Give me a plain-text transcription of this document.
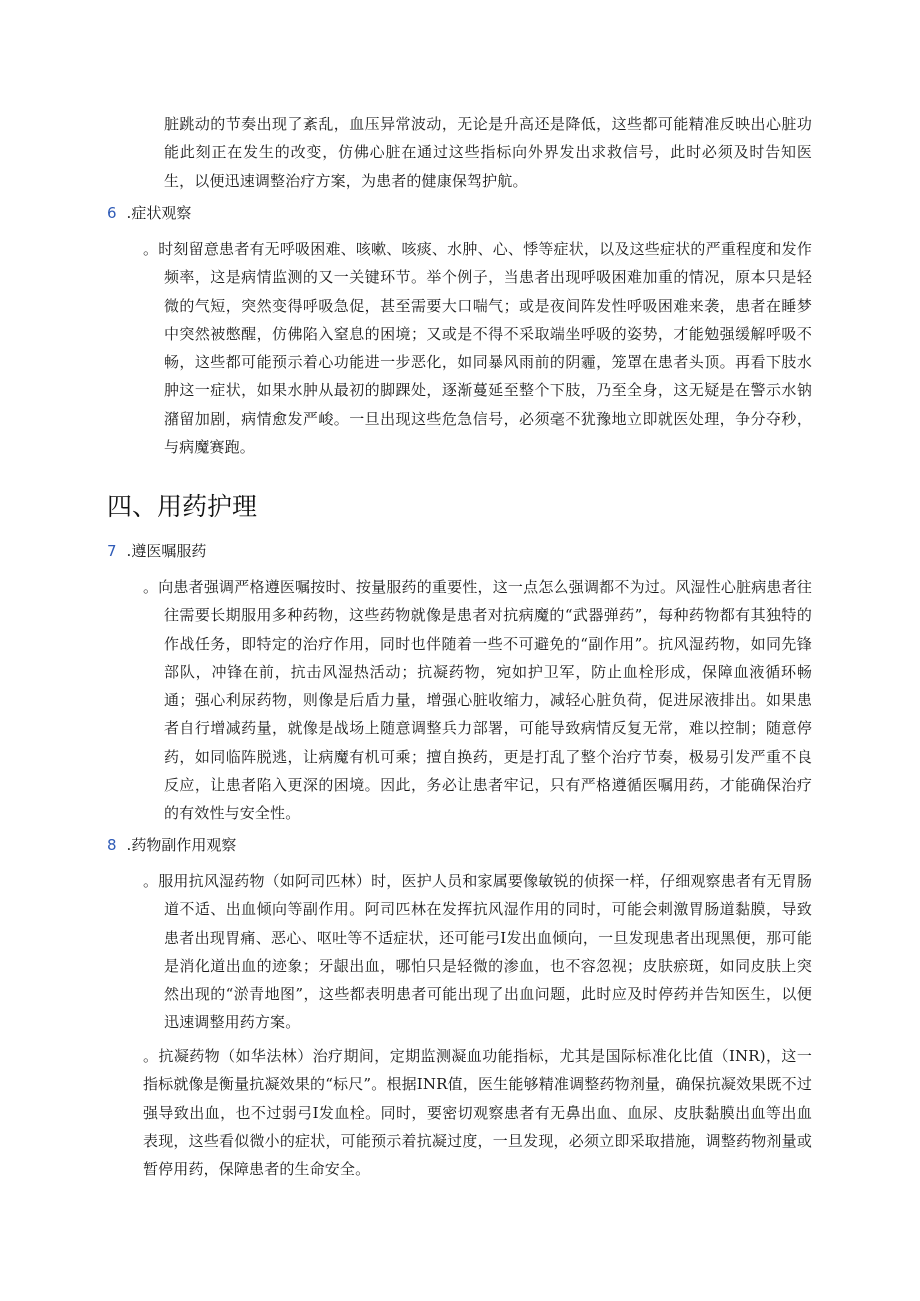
脏跳动的节奏出现了紊乱，血压异常波动，无论是升高还是降低，这些都可能精准反映出心脏功能此刻正在发生的改变，仿佛心脏在通过这些指标向外界发出求救信号，此时必须及时告知医生，以便迅速调整治疗方案，为患者的健康保驾护航。

6 .症状观察

。时刻留意患者有无呼吸困难、咳嗽、咳痰、水肿、心、悸等症状，以及这些症状的严重程度和发作频率，这是病情监测的又一关键环节。举个例子，当患者出现呼吸困难加重的情况，原本只是轻微的气短，突然变得呼吸急促，甚至需要大口喘气；或是夜间阵发性呼吸困难来袭，患者在睡梦中突然被憋醒，仿佛陷入窒息的困境；又或是不得不采取端坐呼吸的姿势，才能勉强缓解呼吸不畅，这些都可能预示着心功能进一步恶化，如同暴风雨前的阴霾，笼罩在患者头顶。再看下肢水肿这一症状，如果水肿从最初的脚踝处，逐渐蔓延至整个下肢，乃至全身，这无疑是在警示水钠潴留加剧，病情愈发严峻。一旦出现这些危急信号，必须毫不犹豫地立即就医处理，争分夺秒，与病魔赛跑。

四、用药护理
7 .遵医嘱服药

。向患者强调严格遵医嘱按时、按量服药的重要性，这一点怎么强调都不为过。风湿性心脏病患者往往需要长期服用多种药物，这些药物就像是患者对抗病魔的“武器弹药”，每种药物都有其独特的作战任务，即特定的治疗作用，同时也伴随着一些不可避免的“副作用”。抗风湿药物，如同先锋部队，冲锋在前，抗击风湿热活动；抗凝药物，宛如护卫军，防止血栓形成，保障血液循环畅通；强心利尿药物，则像是后盾力量，增强心脏收缩力，减轻心脏负荷，促进尿液排出。如果患者自行增减药量，就像是战场上随意调整兵力部署，可能导致病情反复无常，难以控制；随意停药，如同临阵脱逃，让病魔有机可乘；擅自换药，更是打乱了整个治疗节奏，极易引发严重不良反应，让患者陷入更深的困境。因此，务必让患者牢记，只有严格遵循医嘱用药，才能确保治疗的有效性与安全性。

8 .药物副作用观察

。服用抗风湿药物（如阿司匹林）时，医护人员和家属要像敏锐的侦探一样，仔细观察患者有无胃肠道不适、出血倾向等副作用。阿司匹林在发挥抗风湿作用的同时，可能会刺激胃肠道黏膜，导致患者出现胃痛、恶心、呕吐等不适症状，还可能弓I发出血倾向，一旦发现患者出现黑便，那可能是消化道出血的迹象；牙龈出血，哪怕只是轻微的渗血，也不容忽视；皮肤瘀斑，如同皮肤上突然出现的“淤青地图”，这些都表明患者可能出现了出血问题，此时应及时停药并告知医生，以便迅速调整用药方案。

。抗凝药物（如华法林）治疗期间，定期监测凝血功能指标，尤其是国际标准化比值（INR)，这一指标就像是衡量抗凝效果的“标尺”。根据INR值，医生能够精准调整药物剂量，确保抗凝效果既不过强导致出血，也不过弱弓I发血栓。同时，要密切观察患者有无鼻出血、血尿、皮肤黏膜出血等出血表现，这些看似微小的症状，可能预示着抗凝过度，一旦发现，必须立即采取措施，调整药物剂量或暂停用药，保障患者的生命安全。
